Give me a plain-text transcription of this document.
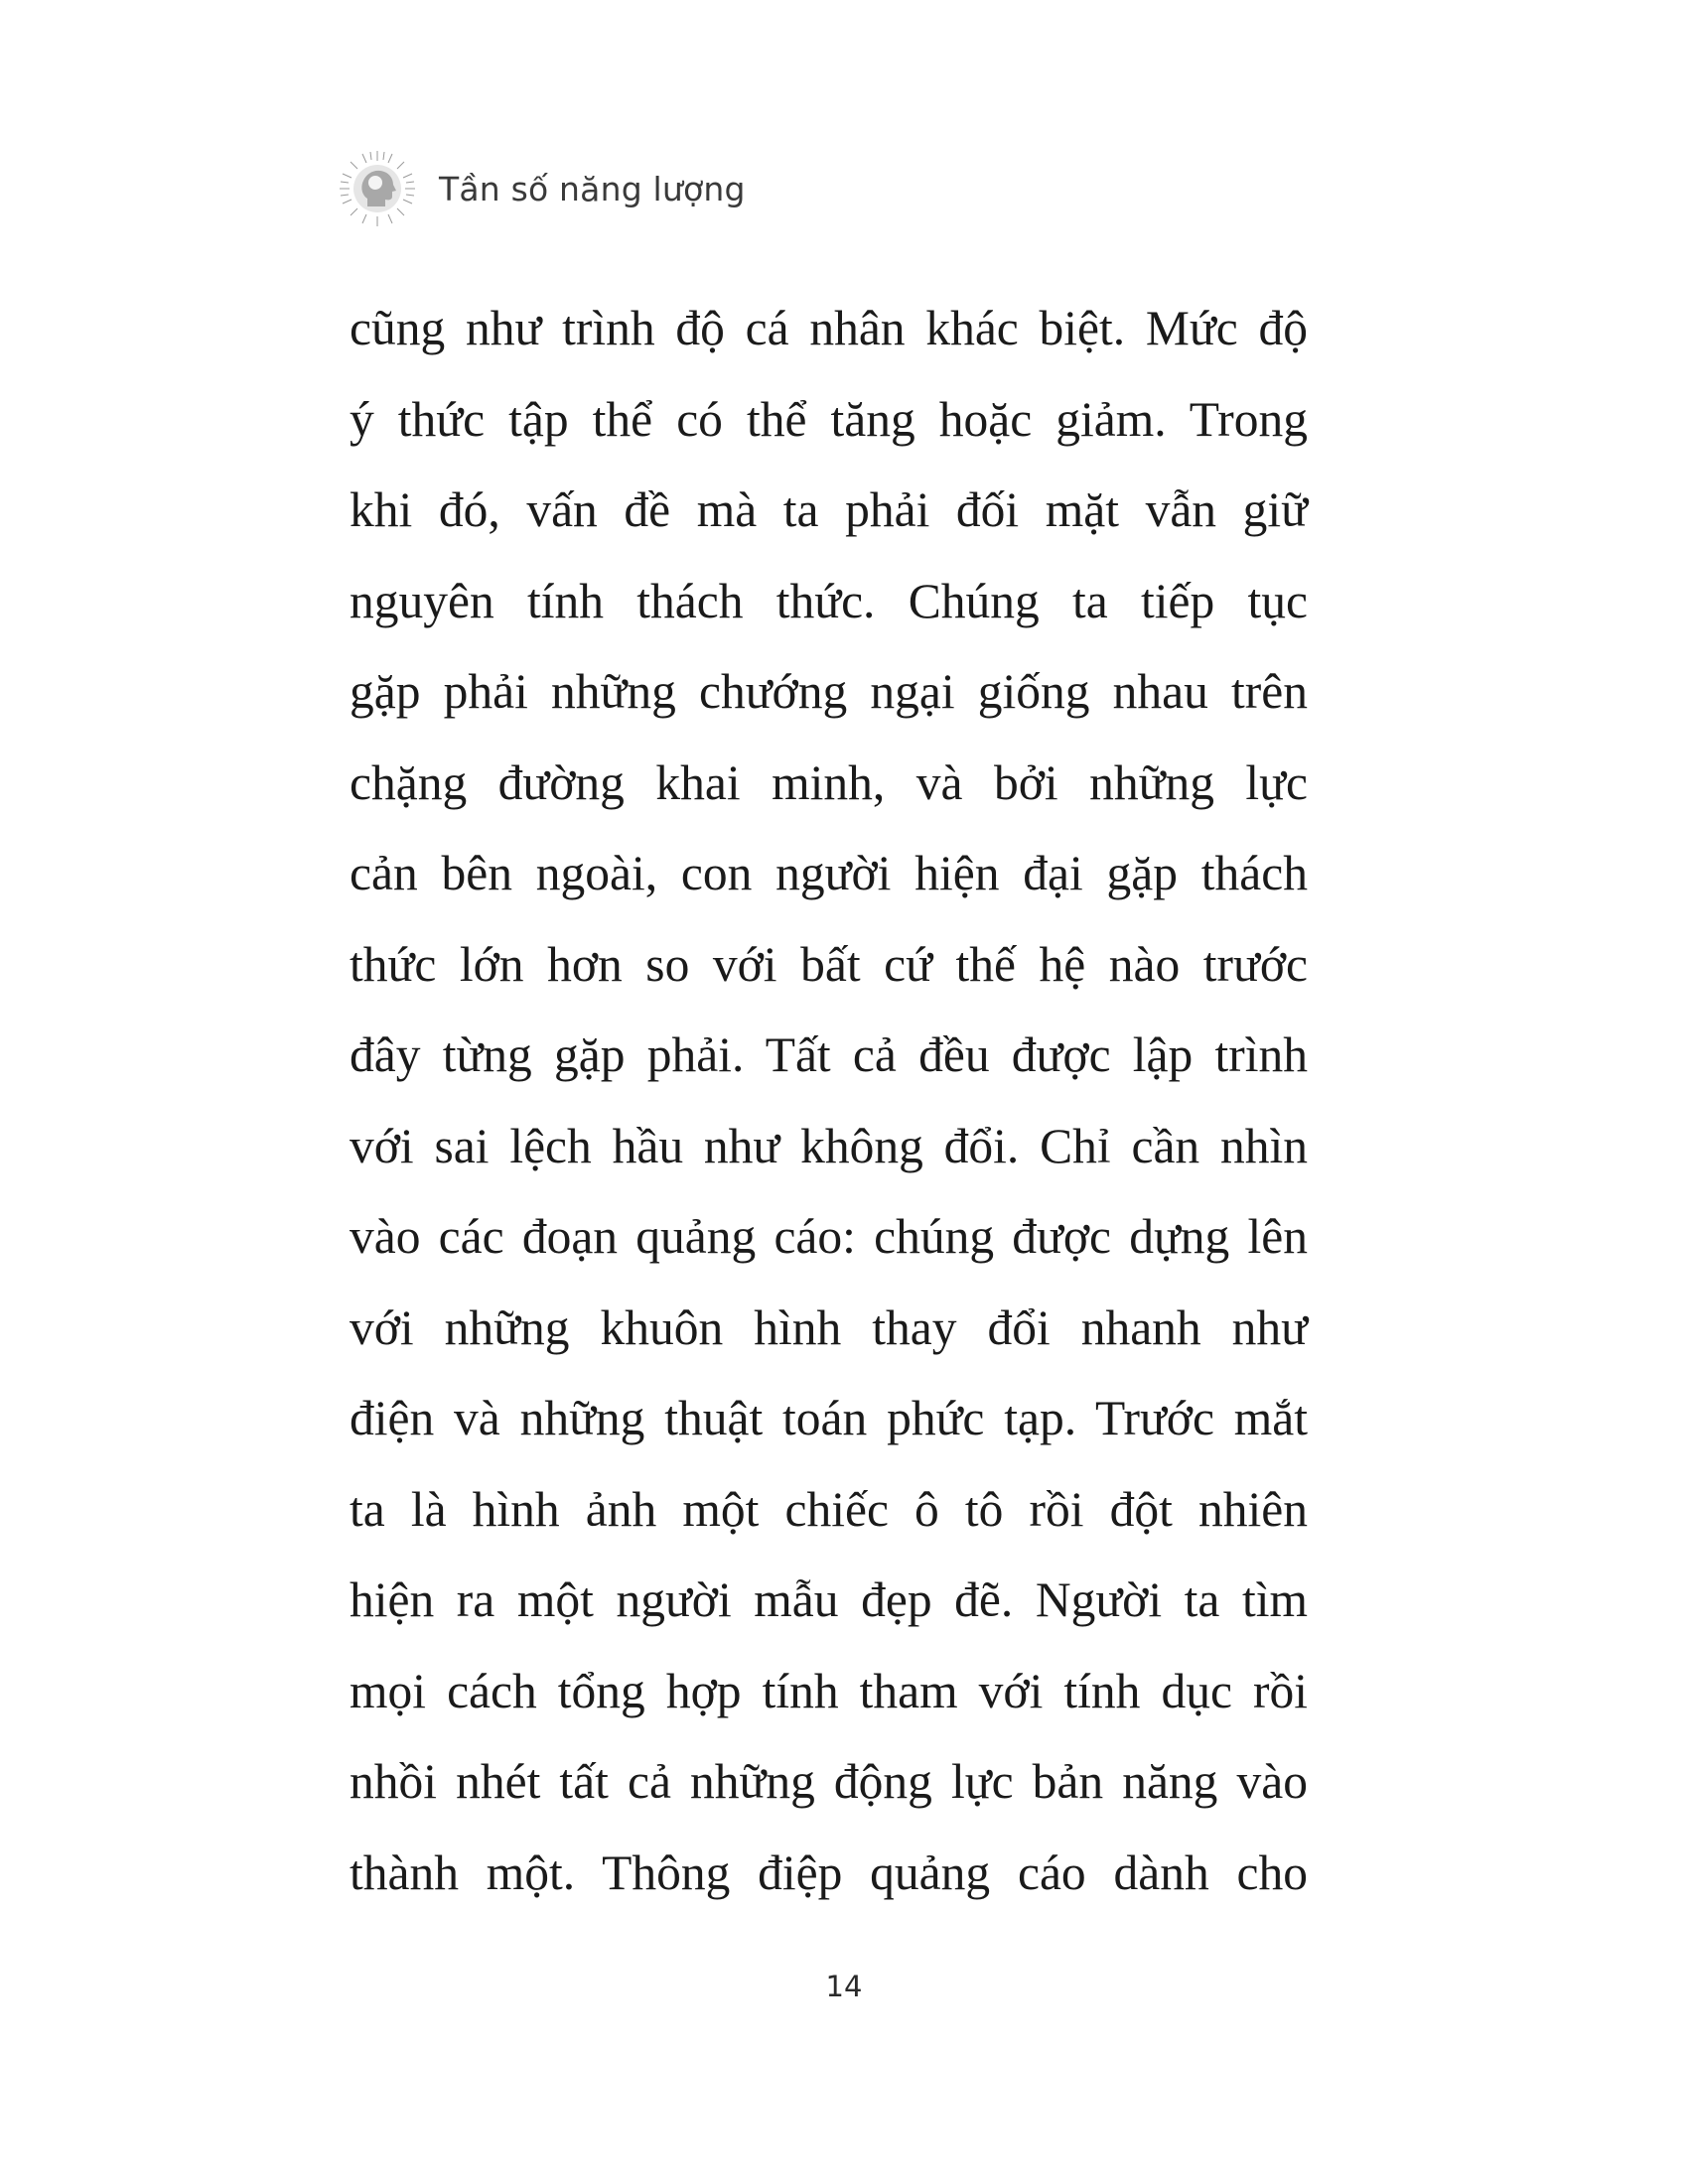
Tần số năng lượng
cũng như trình độ cá nhân khác biệt. Mức độ
ý thức tập thể có thể tăng hoặc giảm. Trong
khi đó, vấn đề mà ta phải đối mặt vẫn giữ
nguyên tính thách thức. Chúng ta tiếp tục
gặp phải những chướng ngại giống nhau trên
chặng đường khai minh, và bởi những lực
cản bên ngoài, con người hiện đại gặp thách
thức lớn hơn so với bất cứ thế hệ nào trước
đây từng gặp phải. Tất cả đều được lập trình
với sai lệch hầu như không đổi. Chỉ cần nhìn
vào các đoạn quảng cáo: chúng được dựng lên
với những khuôn hình thay đổi nhanh như
điện và những thuật toán phức tạp. Trước mắt
ta là hình ảnh một chiếc ô tô rồi đột nhiên
hiện ra một người mẫu đẹp đẽ. Người ta tìm
mọi cách tổng hợp tính tham với tính dục rồi
nhồi nhét tất cả những động lực bản năng vào
thành một. Thông điệp quảng cáo dành cho
14
